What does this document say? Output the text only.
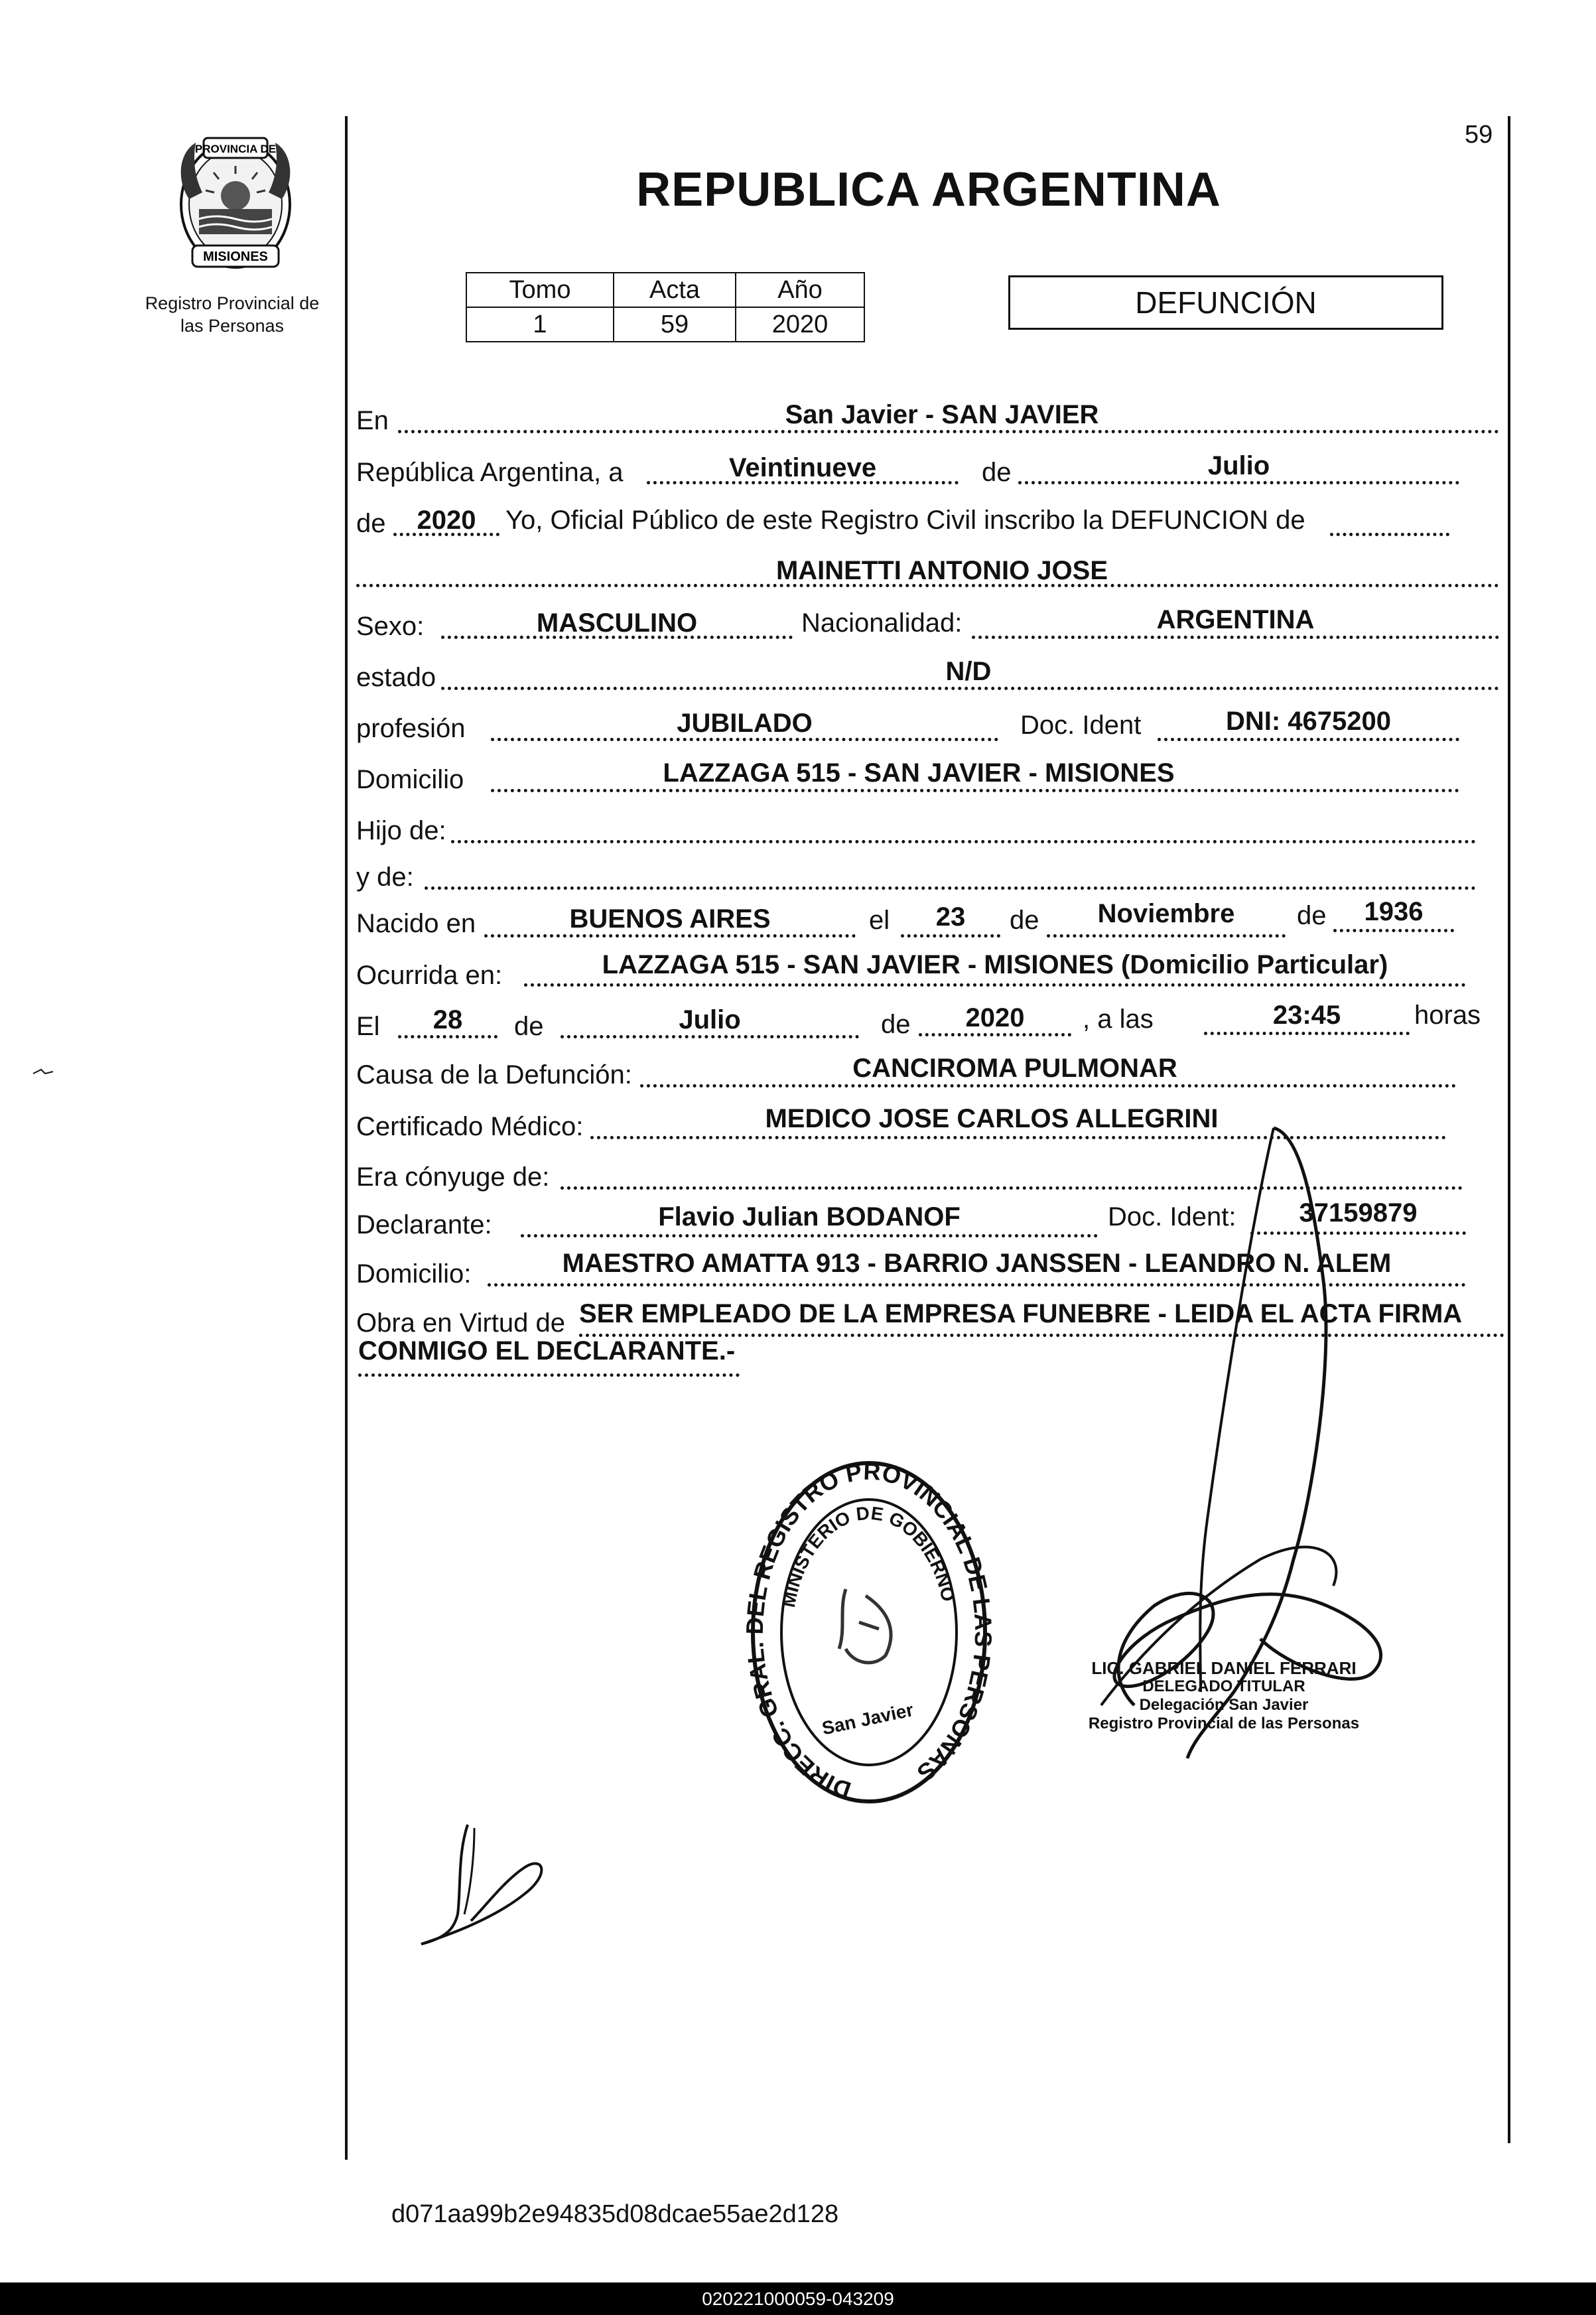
PROVINCIA DE
MISIONES
Registro Provincial de
las Personas
59
REPUBLICA ARGENTINA
Tomo	Acta	Año
1	59	2020
DEFUNCIÓN
En	San Javier - SAN JAVIER
República Argentina, a	Veintinueve	de	Julio
de	2020	Yo, Oficial Público de este Registro Civil inscribo la DEFUNCION de
MAINETTI ANTONIO JOSE
Sexo:	MASCULINO	Nacionalidad:	ARGENTINA
estado	N/D
profesión	JUBILADO	Doc. Ident	DNI: 4675200
Domicilio	LAZZAGA 515 - SAN JAVIER - MISIONES
Hijo de:
y de:
Nacido en	BUENOS AIRES	el	23	de	Noviembre	de	1936
Ocurrida en:	LAZZAGA 515 - SAN JAVIER - MISIONES (Domicilio Particular)
El	28	de	Julio	de	2020	, a las	23:45	horas
Causa de la Defunción:	CANCIROMA PULMONAR
Certificado Médico:	MEDICO JOSE CARLOS ALLEGRINI
Era cónyuge de:
Declarante:	Flavio Julian BODANOF	Doc. Ident:	37159879
Domicilio:	MAESTRO AMATTA 913 - BARRIO JANSSEN - LEANDRO N. ALEM
Obra en Virtud de SER EMPLEADO DE LA EMPRESA FUNEBRE - LEIDA EL ACTA FIRMA
CONMIGO EL DECLARANTE.-
DIRECC. GRA L REGISTRO PROVINCIAL DE ERSONAS
MINISTERIO DE GOBIERNO
San Javier
LIC. GABRIEL DANIEL FERRARI
DELEGADO TITULAR
Delegación San Javier
Registro Provincial de las Personas
d071aa99b2e94835d08dcae55ae2d128
020221000059-043209
